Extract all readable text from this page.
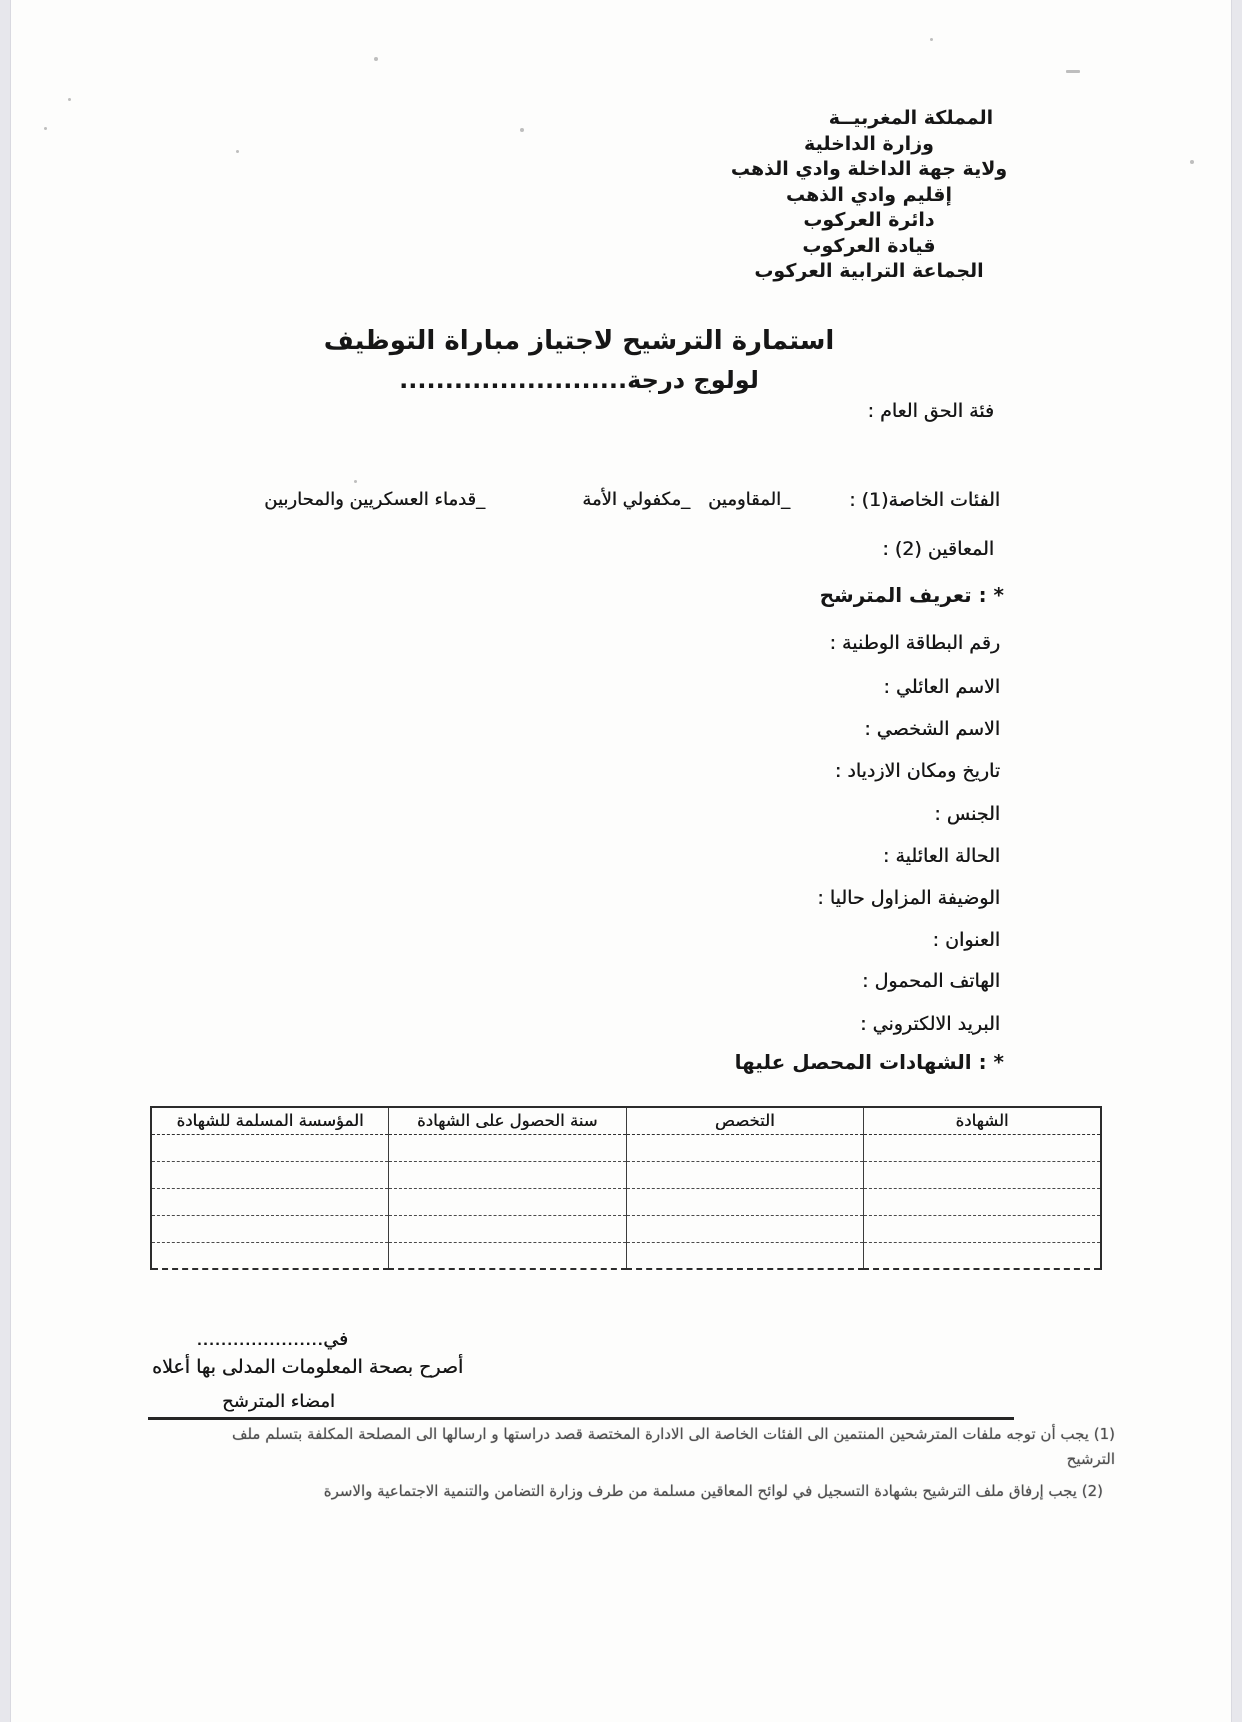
المملكة المغربيــة
وزارة الداخلية
ولاية جهة الداخلة وادي الذهب
إقليم وادي الذهب
دائرة العركوب
قيادة العركوب
الجماعة الترابية العركوب
استمارة الترشيح لاجتياز مباراة التوظيف
لولوج درجة.........................
فئة الحق العام :
الفئات الخاصة(1) :
_المقاومين
_مكفولي الأمة
_قدماء العسكريين والمحاربين
المعاقين (2) :
* : تعريف المترشح
رقم البطاقة الوطنية :
الاسم العائلي :
الاسم الشخصي :
تاريخ ومكان الازدياد :
الجنس :
الحالة العائلية :
الوضيفة المزاول حاليا :
العنوان :
الهاتف المحمول :
البريد الالكتروني :
* : الشهادات المحصل عليها
الشهادة	التخصص	سنة الحصول على الشهادة	المؤسسة المسلمة للشهادة

في.....................
أصرح بصحة المعلومات المدلى بها أعلاه
امضاء المترشح
(1) يجب أن توجه ملفات المترشحين المنتمين الى الفئات الخاصة الى الادارة المختصة قصد دراستها و ارسالها الى المصلحة المكلفة بتسلم ملف
الترشيح
(2) يجب إرفاق ملف الترشيح بشهادة التسجيل في لوائح المعاقين مسلمة من طرف وزارة التضامن والتنمية الاجتماعية والاسرة
